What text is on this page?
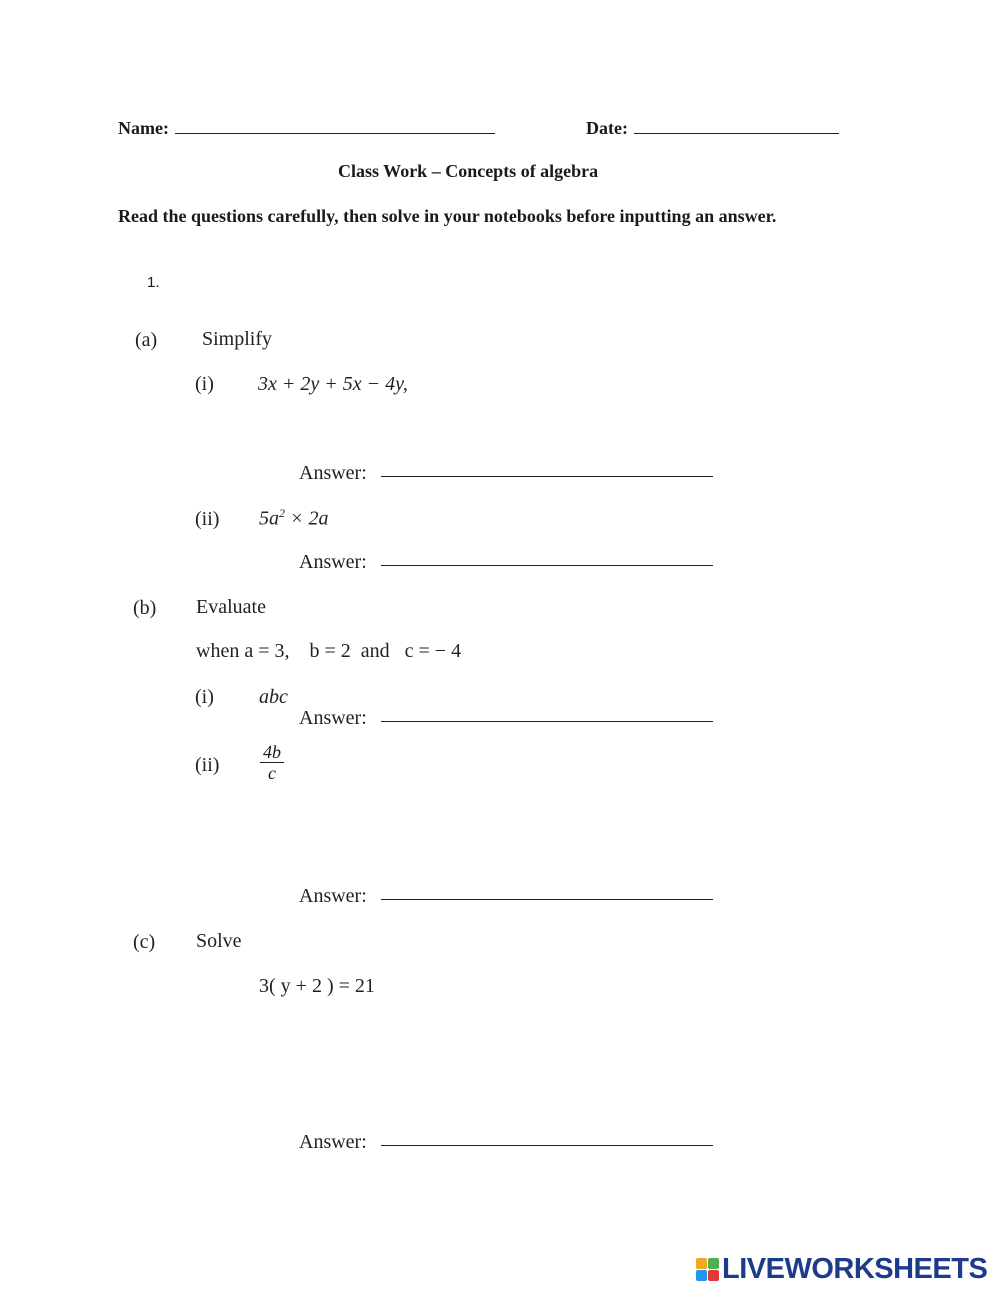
Name:	Date:
Class Work – Concepts of algebra
Read the questions carefully, then solve in your notebooks before inputting an answer.
1.
(a) Simplify
(i) 3x + 2y + 5x − 4y,
Answer:
(ii) $5a^2 \times 2a$
Answer:
(b) Evaluate
when a = 3,    b = 2  and   c = − 4
(i) abc
Answer:
$(ii) \frac{4b}{c}$
Answer:
(c) Solve
3( y + 2 ) = 21
Answer:
LIVEWORKSHEETS
